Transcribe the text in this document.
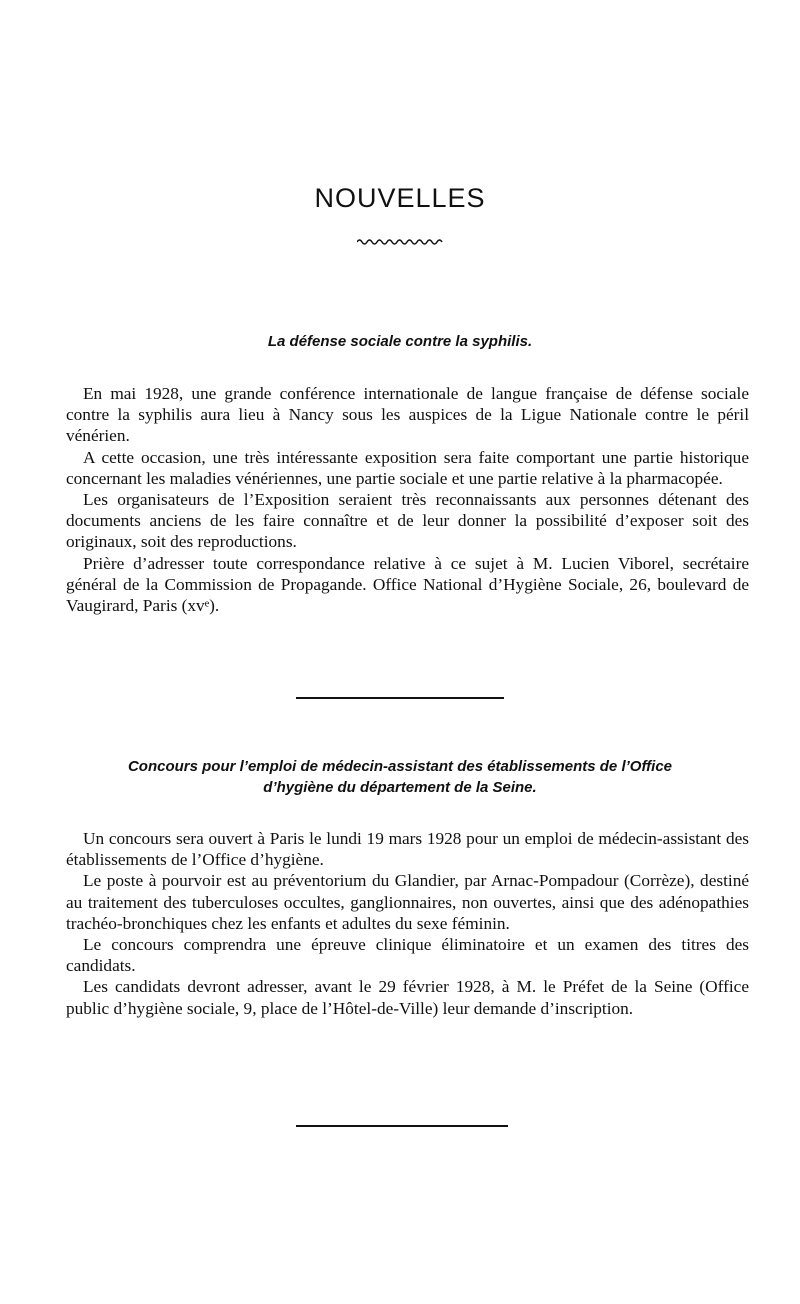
NOUVELLES
La défense sociale contre la syphilis.

En mai 1928, une grande conférence internationale de langue française de défense sociale contre la syphilis aura lieu à Nancy sous les auspices de la Ligue Nationale contre le péril vénérien.

A cette occasion, une très intéressante exposition sera faite comportant une partie historique concernant les maladies vénériennes, une partie sociale et une partie relative à la pharmacopée.

Les organisateurs de l’Exposition seraient très reconnaissants aux personnes détenant des documents anciens de les faire connaître et de leur donner la possibilité d’exposer soit des originaux, soit des reproductions.

Prière d’adresser toute correspondance relative à ce sujet à M. Lucien Viborel, secrétaire général de la Commission de Propagande. Office National d’Hygiène Sociale, 26, boulevard de Vaugirard, Paris (xvᵉ).

Concours pour l’emploi de médecin-assistant des établissements de l’Office
d’hygiène du département de la Seine.

Un concours sera ouvert à Paris le lundi 19 mars 1928 pour un emploi de médecin-assistant des établissements de l’Office d’hygiène.

Le poste à pourvoir est au préventorium du Glandier, par Arnac-Pompadour (Corrèze), destiné au traitement des tuberculoses occultes, ganglionnaires, non ouvertes, ainsi que des adénopathies trachéo-bronchiques chez les enfants et adultes du sexe féminin.

Le concours comprendra une épreuve clinique éliminatoire et un examen des titres des candidats.

Les candidats devront adresser, avant le 29 février 1928, à M. le Préfet de la Seine (Office public d’hygiène sociale, 9, place de l’Hôtel-de-Ville) leur demande d’inscription.
